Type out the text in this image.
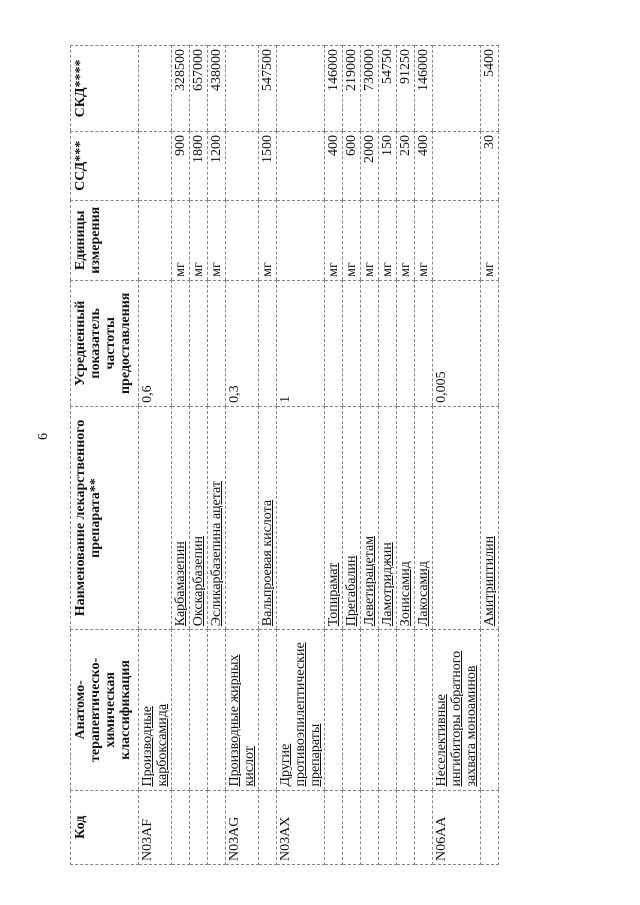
6
Код	Анатомо-терапевтическо-химическая классификация	Наименование лекарственного препарата**	Усредненный показатель частоты предоставления	Единицы измерения	ССД***	СКД****
N03AF	Производные карбоксамида		0,6			
		Карбамазепин		мг	900	328500
		Окскарбазепин		мг	1800	657000
		Эсликарбазепина ацетат		мг	1200	438000
N03AG	Производные жирных кислот		0,3			
		Вальпроевая кислота		мг	1500	547500
N03AX	Другие противоэпилептические препараты		1			
		Топирамат		мг	400	146000
		Прегабалин		мг	600	219000
		Леветирацетам		мг	2000	730000
		Ламотриджин		мг	150	54750
		Зонисамид		мг	250	91250
		Лакосамид		мг	400	146000
N06AA	Неселективные ингибиторы обратного захвата моноаминов		0,005			
		Амитриптилин		мг	30	5400
